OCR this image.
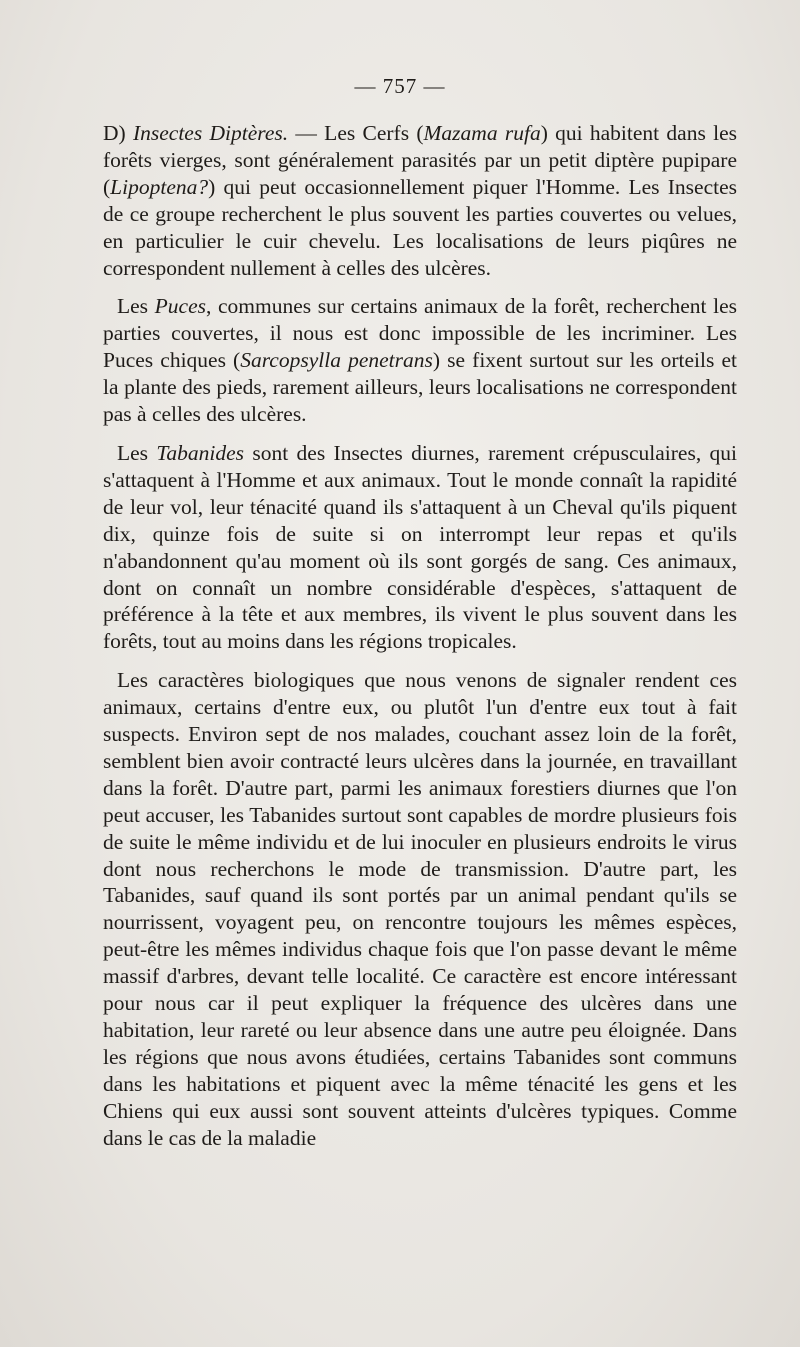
— 757 —

D) Insectes Diptères. — Les Cerfs (Mazama rufa) qui habitent dans les forêts vierges, sont généralement parasités par un petit diptère pupipare (Lipoptena?) qui peut occasionnellement piquer l'Homme. Les Insectes de ce groupe recherchent le plus souvent les parties couvertes ou velues, en particulier le cuir chevelu. Les localisations de leurs piqûres ne correspondent nullement à celles des ulcères.

Les Puces, communes sur certains animaux de la forêt, recherchent les parties couvertes, il nous est donc impossible de les incriminer. Les Puces chiques (Sarcopsylla penetrans) se fixent surtout sur les orteils et la plante des pieds, rarement ailleurs, leurs localisations ne correspondent pas à celles des ulcères.

Les Tabanides sont des Insectes diurnes, rarement crépusculaires, qui s'attaquent à l'Homme et aux animaux. Tout le monde connaît la rapidité de leur vol, leur ténacité quand ils s'attaquent à un Cheval qu'ils piquent dix, quinze fois de suite si on interrompt leur repas et qu'ils n'abandonnent qu'au moment où ils sont gorgés de sang. Ces animaux, dont on connaît un nombre considérable d'espèces, s'attaquent de préférence à la tête et aux membres, ils vivent le plus souvent dans les forêts, tout au moins dans les régions tropicales.

Les caractères biologiques que nous venons de signaler rendent ces animaux, certains d'entre eux, ou plutôt l'un d'entre eux tout à fait suspects. Environ sept de nos malades, couchant assez loin de la forêt, semblent bien avoir contracté leurs ulcères dans la journée, en travaillant dans la forêt. D'autre part, parmi les animaux forestiers diurnes que l'on peut accuser, les Tabanides surtout sont capables de mordre plusieurs fois de suite le même individu et de lui inoculer en plusieurs endroits le virus dont nous recherchons le mode de transmission. D'autre part, les Tabanides, sauf quand ils sont portés par un animal pendant qu'ils se nourrissent, voyagent peu, on rencontre toujours les mêmes espèces, peut-être les mêmes individus chaque fois que l'on passe devant le même massif d'arbres, devant telle localité. Ce caractère est encore intéressant pour nous car il peut expliquer la fréquence des ulcères dans une habitation, leur rareté ou leur absence dans une autre peu éloignée. Dans les régions que nous avons étudiées, certains Tabanides sont communs dans les habitations et piquent avec la même ténacité les gens et les Chiens qui eux aussi sont souvent atteints d'ulcères typiques. Comme dans le cas de la maladie
